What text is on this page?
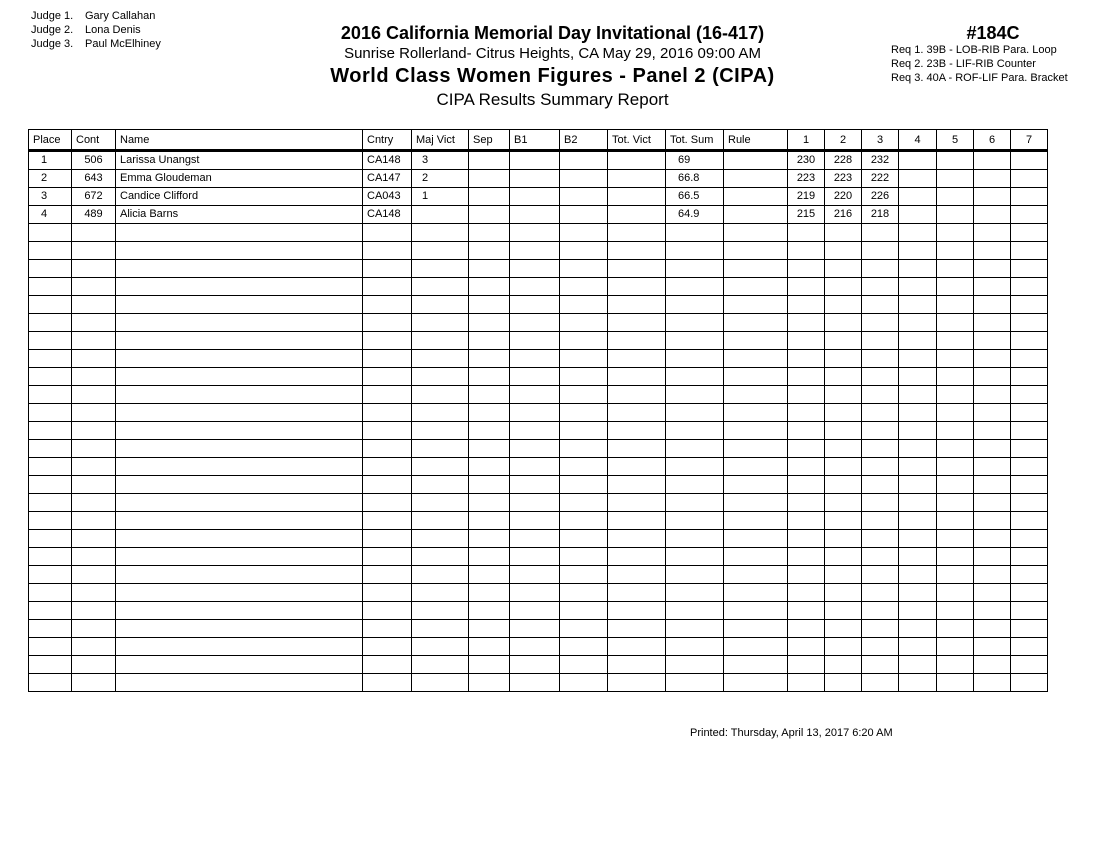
Judge 1. Gary Callahan
Judge 2. Lona Denis
Judge 3. Paul McElhiney
2016 California Memorial Day Invitational (16-417)
Sunrise Rollerland- Citrus Heights, CA May 29, 2016 09:00 AM
World Class Women Figures - Panel 2 (CIPA)
CIPA Results Summary Report
#184C
Req 1. 39B - LOB-RIB Para. Loop
Req 2. 23B - LIF-RIB Counter
Req 3. 40A - ROF-LIF Para. Bracket
Place	Cont	Name	Cntry	Maj Vict	Sep	B1	B2	Tot. Vict	Tot. Sum	Rule	1	2	3	4	5	6	7
1	506	Larissa Unangst	CA148	3					69		230	228	232				
2	643	Emma Gloudeman	CA147	2					66.8		223	223	222				
3	672	Candice Clifford	CA043	1					66.5		219	220	226				
4	489	Alicia Barns	CA148						64.9		215	216	218				

Printed: Thursday, April 13, 2017 6:20 AM
